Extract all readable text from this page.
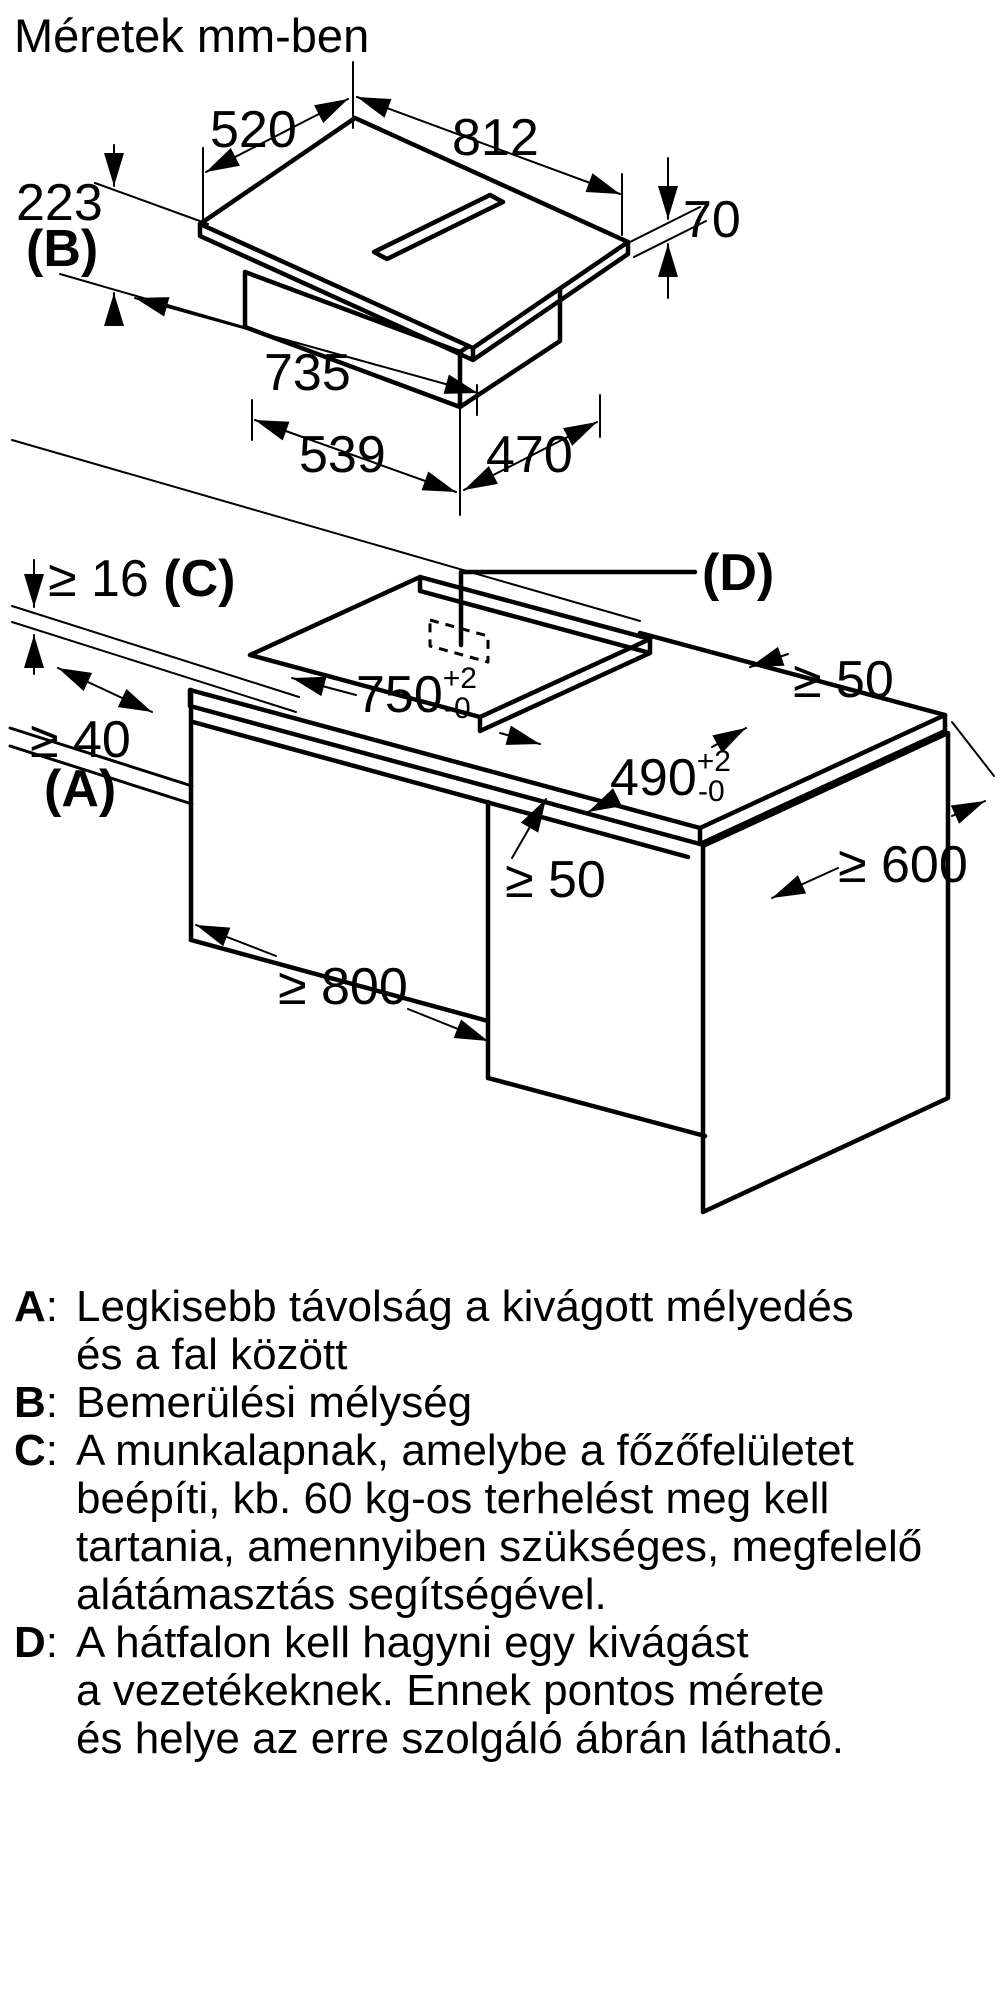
Méretek mm-ben
520	812
223
(B)	70
735
539 470
≥ 16 (C)
≥ 40
(A)
(D)
$750^{+2}$ -0
$490^{+2}$ -0
≥ 50
≥ 600
≥ 50
≥ 800
A: Legkisebb távolság a kivágott mélyedés
és a fal között
B: Bemerülési mélység
C: A munkalapnak, amelybe a főzőfelületet
beépíti, kb. 60 kg-os terhelést meg kell
tartania, amennyiben szükséges, megfelelő
alátámasztás segítségével.
D: A hátfalon kell hagyni egy kivágást
a vezetékeknek. Ennek pontos mérete
és helye az erre szolgáló ábrán látható.
